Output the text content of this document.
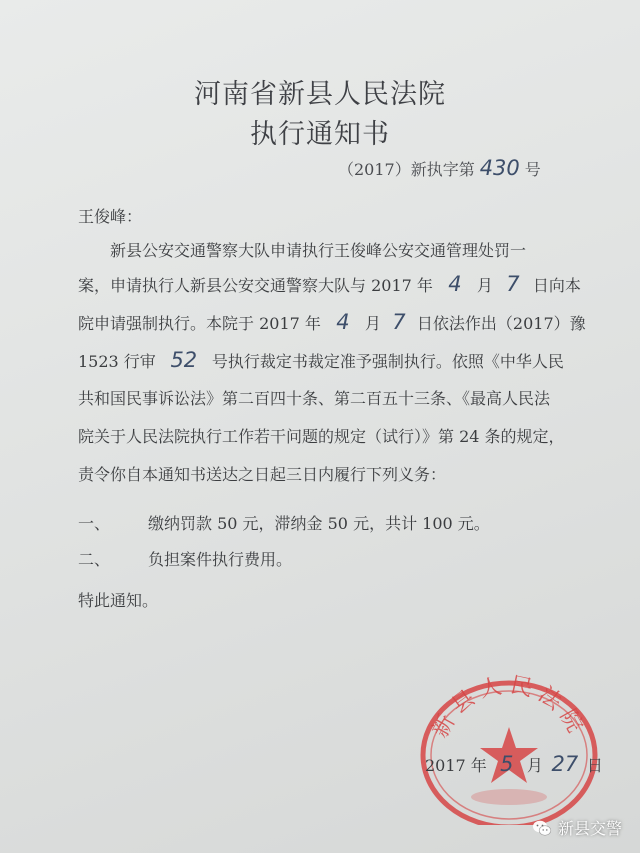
河南省新县人民法院
执行通知书
（2017）新执字第 430 号
王俊峰：
新县公安交通警察大队申请执行王俊峰公安交通管理处罚一
案，申请执行人新县公安交通警察大队与 2017 年 4 月 7 日向本
院申请强制执行。本院于 2017 年 4 月 7 日依法作出（2017）豫
1523 行审 52 号执行裁定书裁定准予强制执行。依照《中华人民
共和国民事诉讼法》第二百四十条、第二百五十三条、《最高人民法
院关于人民法院执行工作若干问题的规定（试行）》第 24 条的规定，
责令你自本通知书送达之日起三日内履行下列义务：
一、 缴纳罚款 50 元，滞纳金 50 元，共计 100 元。
二、 负担案件执行费用。
特此通知。
新县人民法院
2017 年 5 月 27 日
新县交警
